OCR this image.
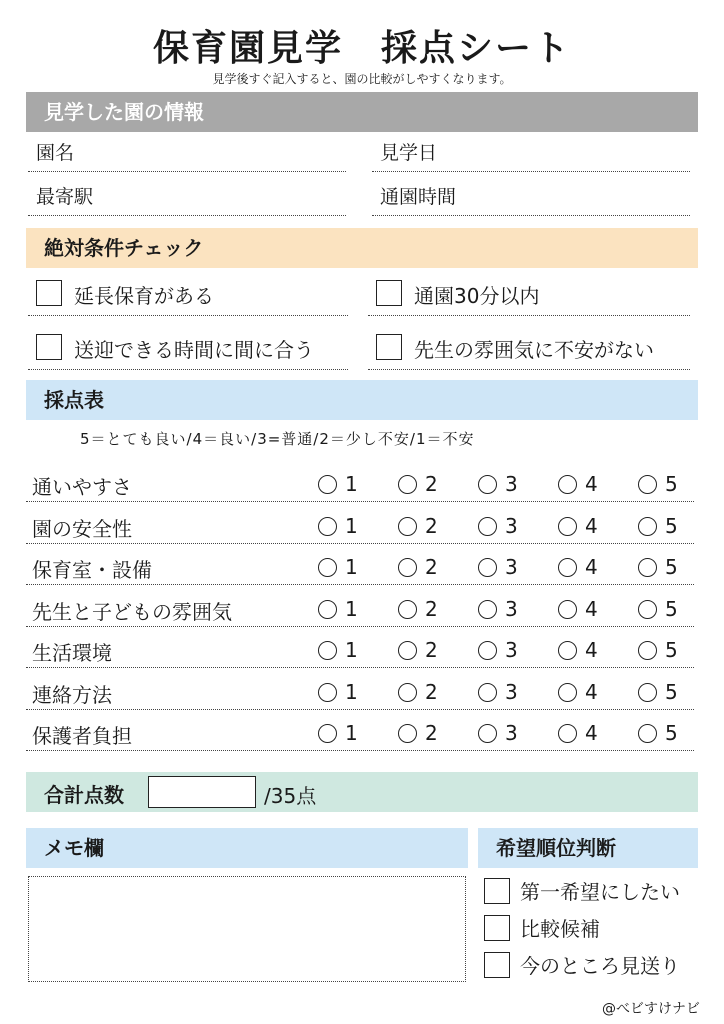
保育園見学　採点シート
見学後すぐ記入すると、園の比較がしやすくなります。
見学した園の情報
園名	見学日
最寄駅	通園時間
絶対条件チェック
延長保育がある	通園30分以内
送迎できる時間に間に合う	先生の雰囲気に不安がない
採点表
5＝とても良い/4＝良い/3=普通/2＝少し不安/1＝不安
通いやすさ	1	2	3	4	5
園の安全性	1	2	3	4	5
保育室・設備	1	2	3	4	5
先生と子どもの雰囲気	1	2	3	4	5
生活環境	1	2	3	4	5
連絡方法	1	2	3	4	5
保護者負担	1	2	3	4	5
合計点数	/35点
メモ欄	希望順位判断
第一希望にしたい
比較候補
今のところ見送り
@べビすけナビ
